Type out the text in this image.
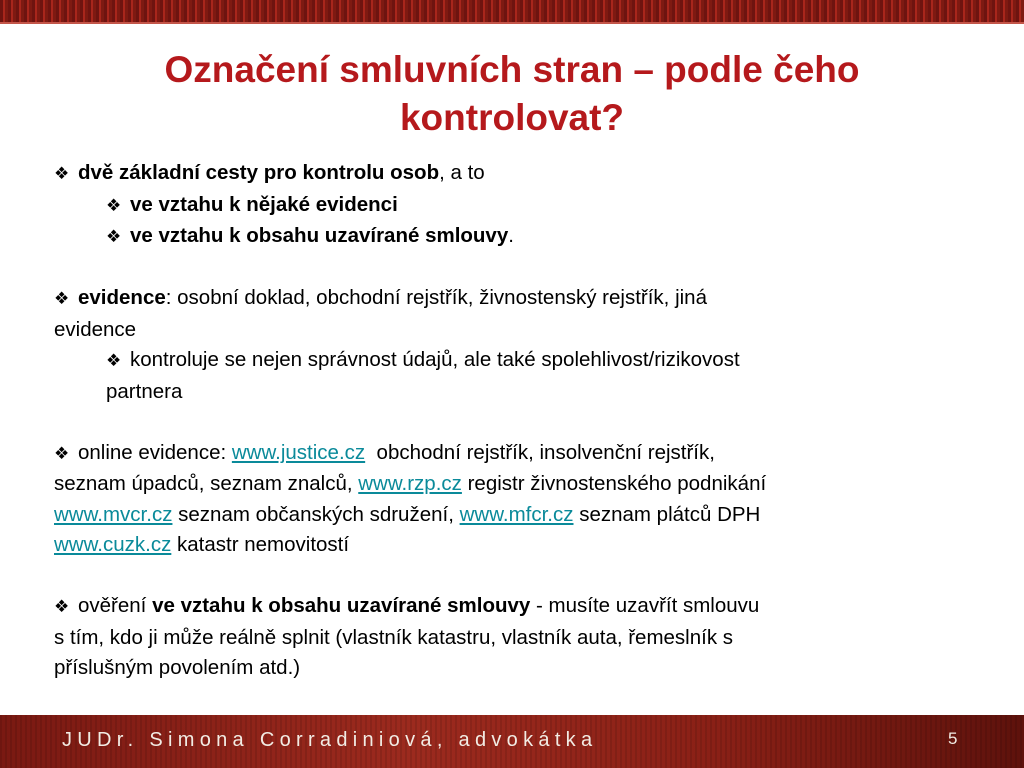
Označení smluvních stran – podle čeho
kontrolovat?
❖ dvě základní cesty pro kontrolu osob, a to
❖ ve vztahu k nějaké evidenci
❖ ve vztahu k obsahu uzavírané smlouvy.
❖ evidence: osobní doklad, obchodní rejstřík, živnostenský rejstřík, jiná
evidence
❖ kontroluje se nejen správnost údajů, ale také spolehlivost/rizikovost
partnera
❖ online evidence: www.justice.cz  obchodní rejstřík, insolvenční rejstřík,
seznam úpadců, seznam znalců, www.rzp.cz registr živnostenského podnikání
www.mvcr.cz seznam občanských sdružení, www.mfcr.cz seznam plátců DPH
www.cuzk.cz katastr nemovitostí
❖ ověření ve vztahu k obsahu uzavírané smlouvy - musíte uzavřít smlouvu
s tím, kdo ji může reálně splnit (vlastník katastru, vlastník auta, řemeslník s
příslušným povolením atd.)
JUDr. Simona Corradiniová, advokátka	5
